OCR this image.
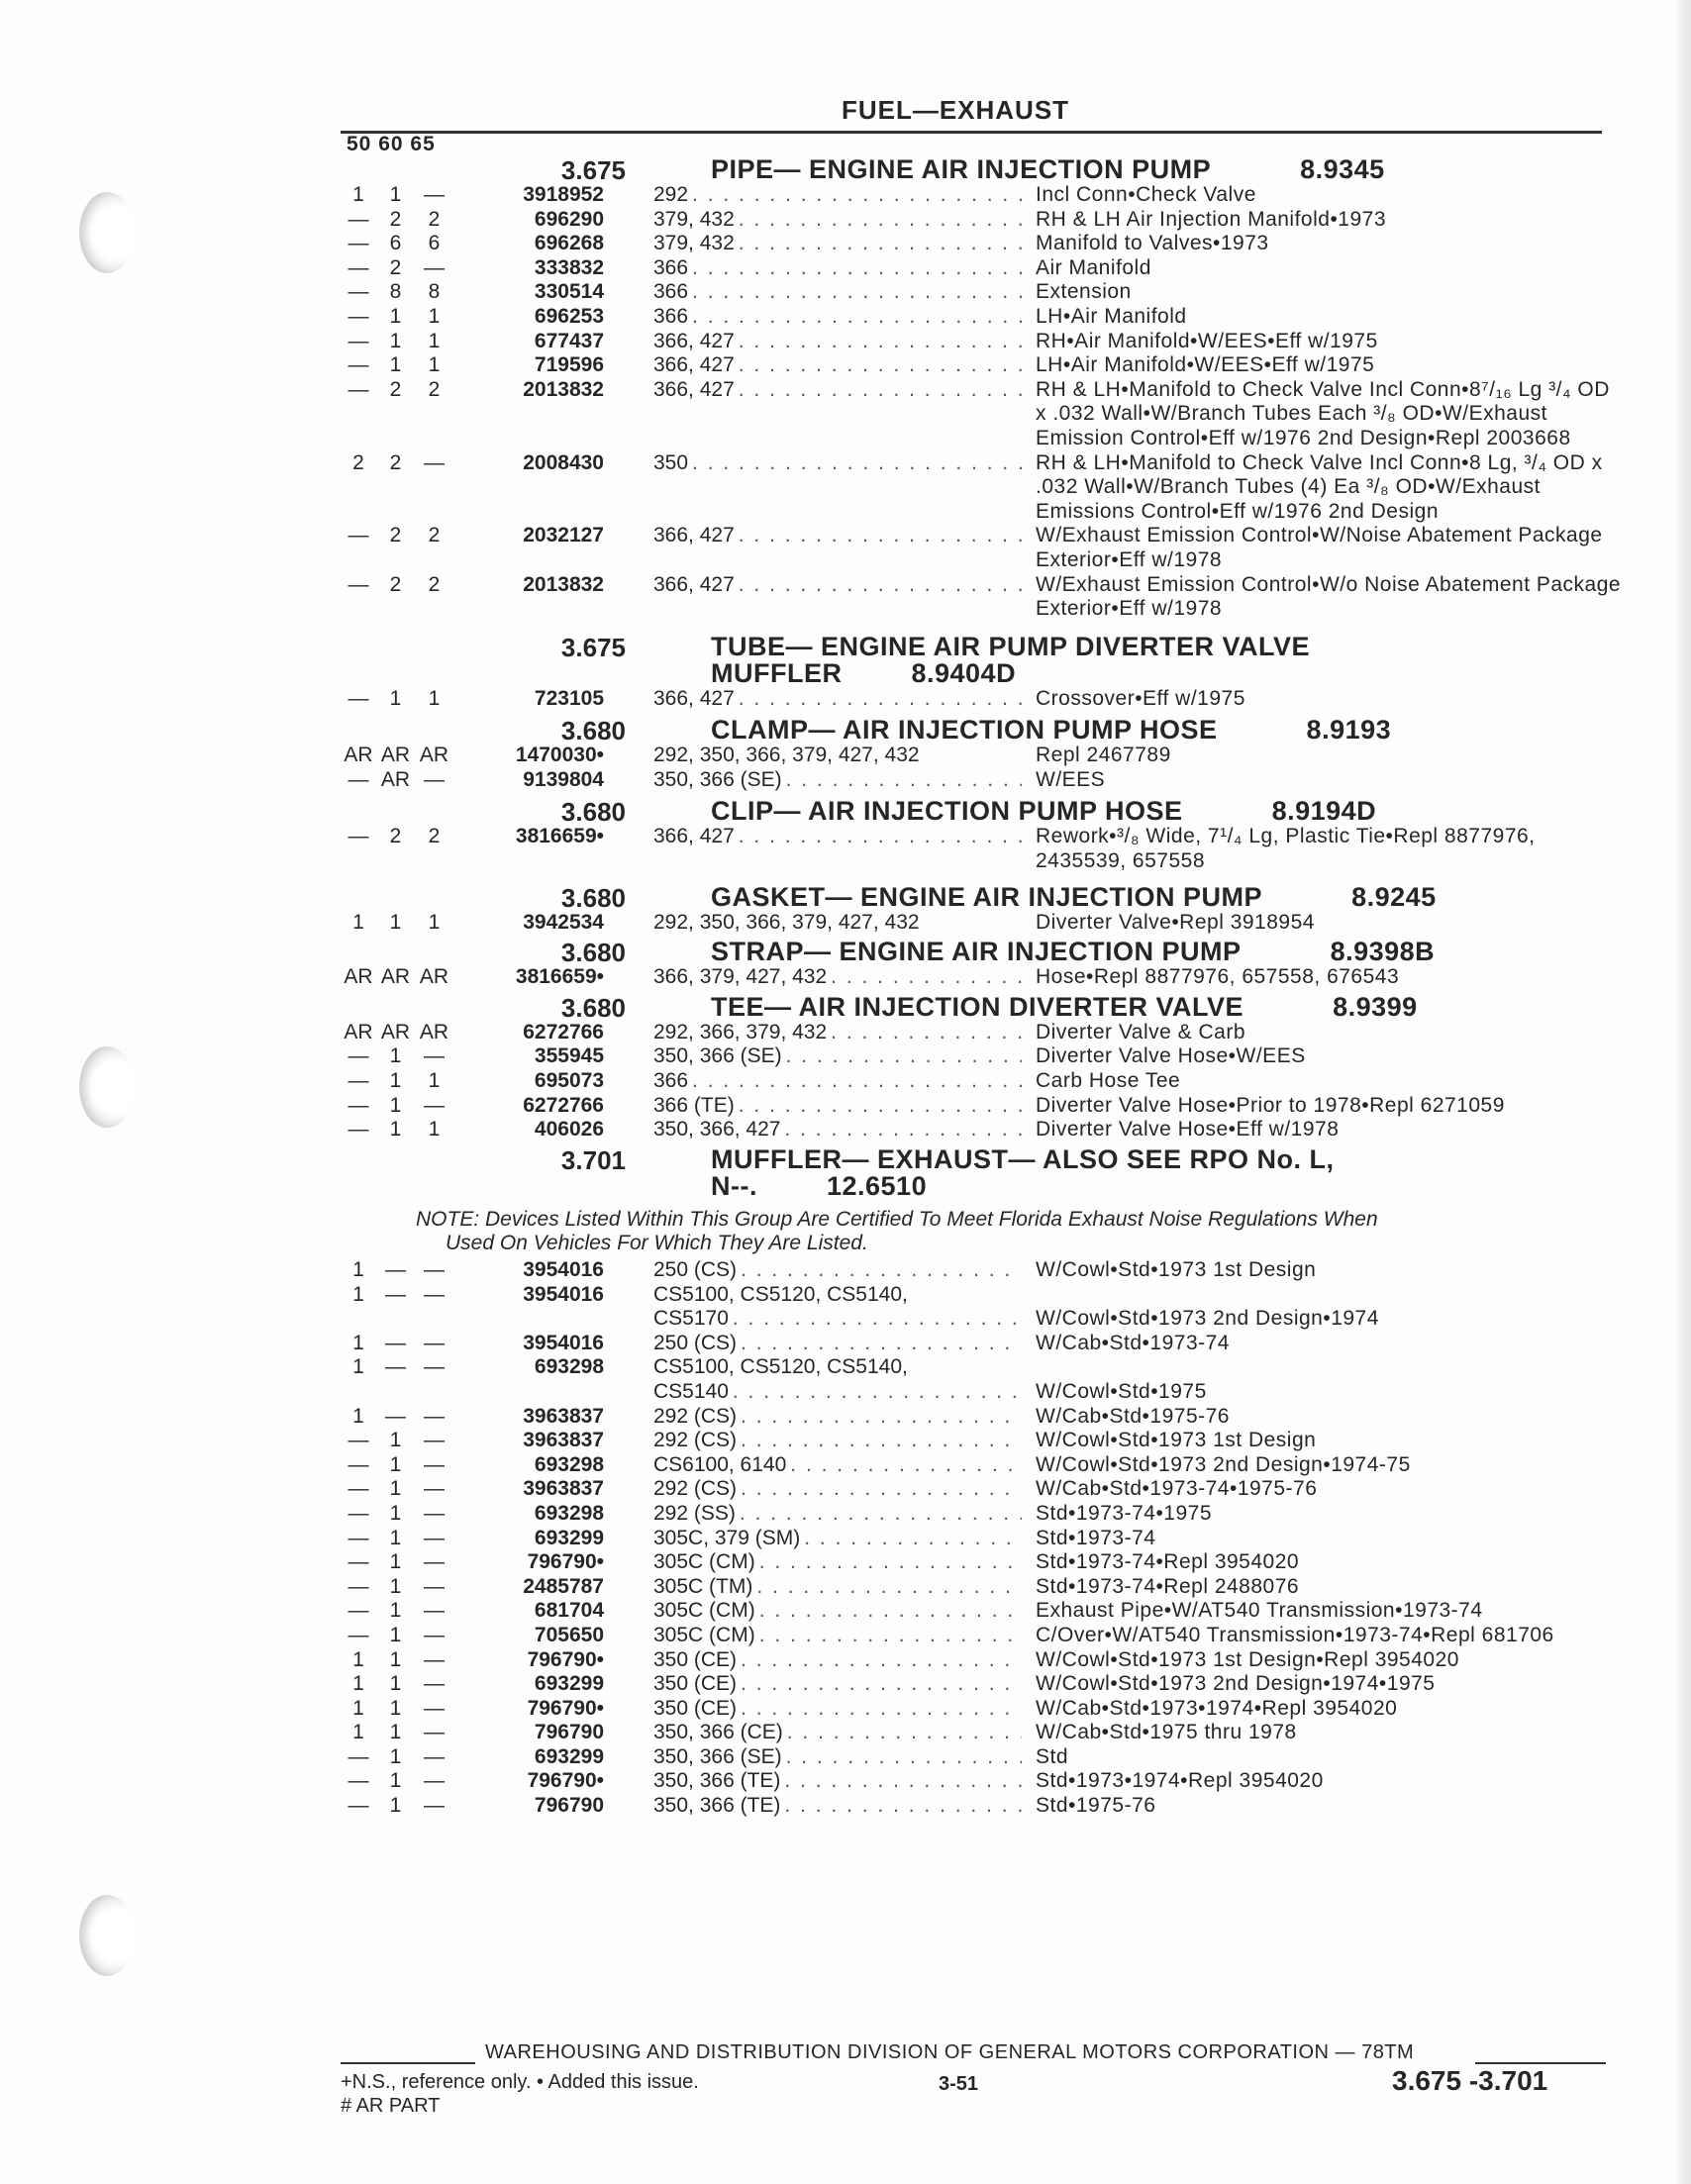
FUEL—EXHAUST
50 60 65
3.675	PIPE— ENGINE AIR INJECTION PUMP	8.9345
1	1	—	3918952 292 . . .	Incl Conn•Check Valve
—	2	2	696290 379, 432 . . .	RH & LH Air Injection Manifold•1973
—	6	6	696268 379, 432 . . .	Manifold to Valves•1973
—	2	—	333832 366 . . .	Air Manifold
—	8	8	330514 366 . . .	Extension
—	1	1	696253 366 . . .	LH•Air Manifold
—	1	1	677437 366, 427 . . .	RH•Air Manifold•W/EES•Eff w/1975
—	1	1	719596 366, 427 . . .	LH•Air Manifold•W/EES•Eff w/1975
—	2	2	2013832 366, 427 . . .	RH & LH•Manifold to Check Valve Incl Conn•8⁷/₁₆ Lg ³/₄ OD x .032 Wall•W/Branch Tubes Each ³/₈ OD•W/Exhaust Emission Control•Eff w/1976 2nd Design•Repl 2003668
2	2	—	2008430 350 . . .	RH & LH•Manifold to Check Valve Incl Conn•8 Lg, ³/₄ OD x .032 Wall•W/Branch Tubes (4) Ea ³/₈ OD•W/Exhaust Emissions Control•Eff w/1976 2nd Design
—	2	2	2032127 366, 427 . . .	W/Exhaust Emission Control•W/Noise Abatement Package Exterior•Eff w/1978
—	2	2	2013832 366, 427 . . .	W/Exhaust Emission Control•W/o Noise Abatement Package Exterior•Eff w/1978
3.675	TUBE— ENGINE AIR PUMP DIVERTER VALVE
MUFFLER	8.9404D
—	1	1	723105 366, 427 . . .	Crossover•Eff w/1975
3.680	CLAMP— AIR INJECTION PUMP HOSE	8.9193
AR AR AR	1470030• 292, 350, 366, 379, 427, 432	Repl 2467789
— AR —	9139804 350, 366 (SE) . . .	W/EES
3.680	CLIP— AIR INJECTION PUMP HOSE	8.9194D
—	2	2	3816659• 366, 427 . . .	Rework•³/₈ Wide, 7¹/₄ Lg, Plastic Tie•Repl 8877976, 2435539, 657558
3.680	GASKET— ENGINE AIR INJECTION PUMP	8.9245
1	1	1	3942534 292, 350, 366, 379, 427, 432	Diverter Valve•Repl 3918954
3.680	STRAP— ENGINE AIR INJECTION PUMP	8.9398B
AR AR AR	3816659• 366, 379, 427, 432 . . .	Hose•Repl 8877976, 657558, 676543
3.680	TEE— AIR INJECTION DIVERTER VALVE	8.9399
AR AR AR	6272766 292, 366, 379, 432 . . .	Diverter Valve & Carb
—	1	—	355945 350, 366 (SE) . . .	Diverter Valve Hose•W/EES
—	1	1	695073 366 . . .	Carb Hose Tee
—	1	—	6272766 366 (TE) . . .	Diverter Valve Hose•Prior to 1978•Repl 6271059
—	1	1	406026 350, 366, 427 . . .	Diverter Valve Hose•Eff w/1978
3.701	MUFFLER— EXHAUST— ALSO SEE RPO No. L,
N--.	12.6510
NOTE: Devices Listed Within This Group Are Certified To Meet Florida Exhaust Noise Regulations When
Used On Vehicles For Which They Are Listed.
1	— —	3954016 250 (CS) . . .	W/Cowl•Std•1973 1st Design
1	— —	3954016 CS5100, CS5120, CS5140,
CS5170 . . .	W/Cowl•Std•1973 2nd Design•1974
1	— —	3954016 250 (CS) . . .	W/Cab•Std•1973-74
1	— —	693298 CS5100, CS5120, CS5140,
CS5140 . . .	W/Cowl•Std•1975
1	— —	3963837 292 (CS) . . .	W/Cab•Std•1975-76
—	1	—	3963837 292 (CS) . . .	W/Cowl•Std•1973 1st Design
—	1	—	693298 CS6100, 6140 . . .	W/Cowl•Std•1973 2nd Design•1974-75
—	1	—	3963837 292 (CS) . . .	W/Cab•Std•1973-74•1975-76
—	1	—	693298 292 (SS) . . .	Std•1973-74•1975
—	1	—	693299 305C, 379 (SM) . . .	Std•1973-74
—	1	—	796790• 305C (CM) . . .	Std•1973-74•Repl 3954020
—	1	—	2485787 305C (TM) . . .	Std•1973-74•Repl 2488076
—	1	—	681704 305C (CM) . . .	Exhaust Pipe•W/AT540 Transmission•1973-74
—	1	—	705650 305C (CM) . . .	C/Over•W/AT540 Transmission•1973-74•Repl 681706
1	1	—	796790• 350 (CE) . . .	W/Cowl•Std•1973 1st Design•Repl 3954020
1	1	—	693299 350 (CE) . . .	W/Cowl•Std•1973 2nd Design•1974•1975
1	1	—	796790• 350 (CE) . . .	W/Cab•Std•1973•1974•Repl 3954020
1	1	—	796790 350, 366 (CE) . . .	W/Cab•Std•1975 thru 1978
—	1	—	693299 350, 366 (SE) . . .	Std
—	1	—	796790• 350, 366 (TE) . . .	Std•1973•1974•Repl 3954020
—	1	—	796790 350, 366 (TE) . . .	Std•1975-76
WAREHOUSING AND DISTRIBUTION DIVISION OF GENERAL MOTORS CORPORATION — 78TM
+N.S., reference only. • Added this issue.
# AR PART
3-51	3.675 -3.701
